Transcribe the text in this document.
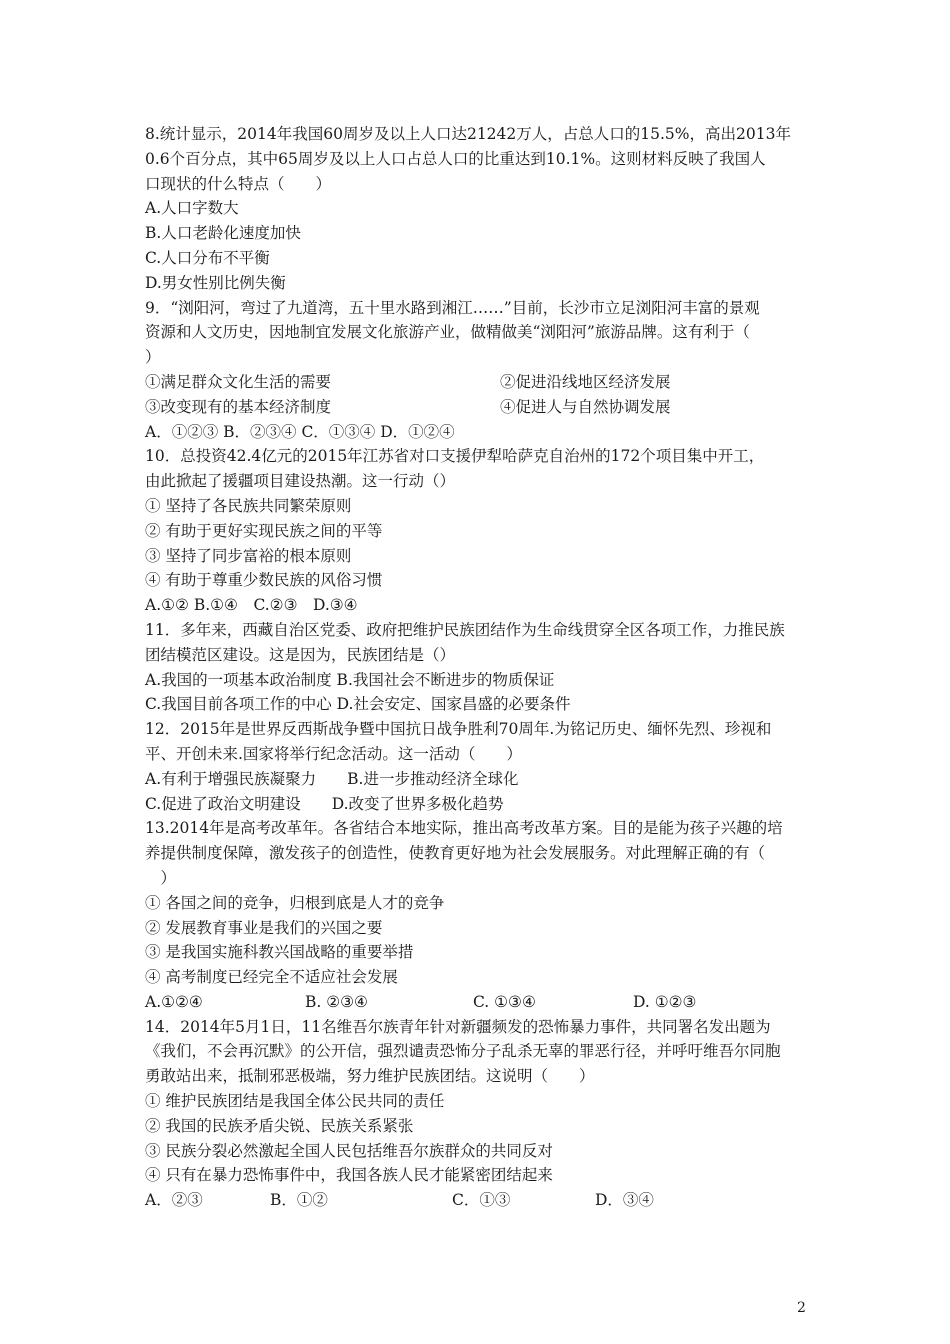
8.统计显示，2014年我国60周岁及以上人口达21242万人，占总人口的15.5%，高出2013年
0.6个百分点，其中65周岁及以上人口占总人口的比重达到10.1%。这则材料反映了我国人
口现状的什么特点（　　）
A.人口字数大
B.人口老龄化速度加快
C.人口分布不平衡
D.男女性别比例失衡
9．“浏阳河，弯过了九道湾，五十里水路到湘江……”目前，长沙市立足浏阳河丰富的景观
资源和人文历史，因地制宜发展文化旅游产业，做精做美“浏阳河”旅游品牌。这有利于（
）
①满足群众文化生活的需要	②促进沿线地区经济发展
③改变现有的基本经济制度	④促进人与自然协调发展
A．①②③ B．②③④ C．①③④ D．①②④
10．总投资42.4亿元的2015年江苏省对口支援伊犁哈萨克自治州的172个项目集中开工，
由此掀起了援疆项目建设热潮。这一行动（）
① 坚持了各民族共同繁荣原则
② 有助于更好实现民族之间的平等
③ 坚持了同步富裕的根本原则
④ 有助于尊重少数民族的风俗习惯
A.①② B.①④　C.②③　D.③④
11．多年来，西藏自治区党委、政府把维护民族团结作为生命线贯穿全区各项工作，力推民族
团结模范区建设。这是因为，民族团结是（）
A.我国的一项基本政治制度 B.我国社会不断进步的物质保证
C.我国目前各项工作的中心 D.社会安定、国家昌盛的必要条件
12．2015年是世界反西斯战争暨中国抗日战争胜利70周年.为铭记历史、缅怀先烈、珍视和
平、开创未来.国家将举行纪念活动。这一活动（　　）
A.有利于增强民族凝聚力　　B.进一步推动经济全球化
C.促进了政治文明建设　　D.改变了世界多极化趋势
13.2014年是高考改革年。各省结合本地实际，推出高考改革方案。目的是能为孩子兴趣的培
养提供制度保障，激发孩子的创造性，使教育更好地为社会发展服务。对此理解正确的有（
　）
① 各国之间的竞争，归根到底是人才的竞争
② 发展教育事业是我们的兴国之要
③ 是我国实施科教兴国战略的重要举措
④ 高考制度已经完全不适应社会发展
A.①②④	B. ②③④	C. ①③④	D. ①②③
14．2014年5月1日，11名维吾尔族青年针对新疆频发的恐怖暴力事件，共同署名发出题为
《我们，不会再沉默》的公开信，强烈谴责恐怖分子乱杀无辜的罪恶行径，并呼吁维吾尔同胞
勇敢站出来，抵制邪恶极端，努力维护民族团结。这说明（　　）
① 维护民族团结是我国全体公民共同的责任
② 我国的民族矛盾尖锐、民族关系紧张
③ 民族分裂必然激起全国人民包括维吾尔族群众的共同反对
④ 只有在暴力恐怖事件中，我国各族人民才能紧密团结起来
A．②③	B．①②	C．①③	D．③④
2
